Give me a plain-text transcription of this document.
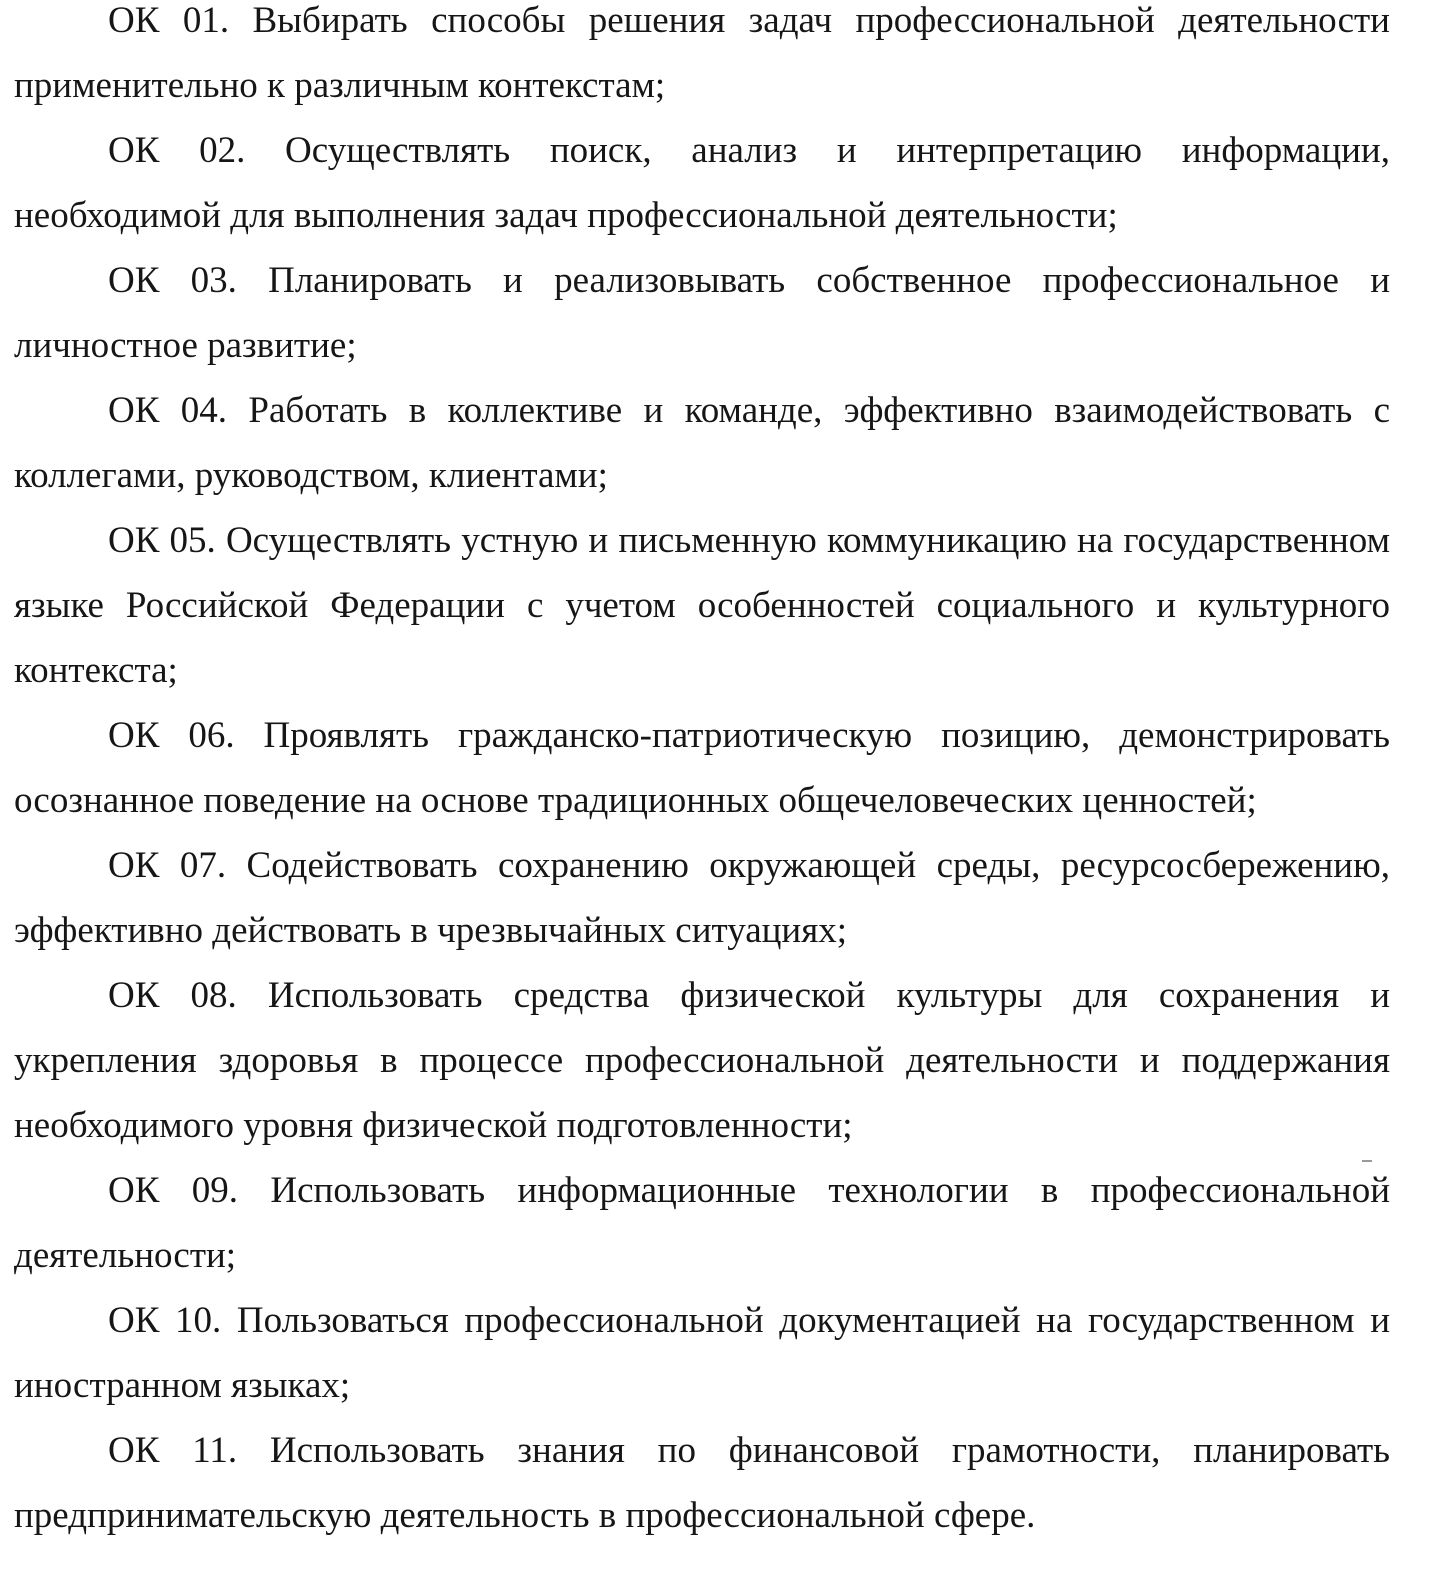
ОК 01. Выбирать способы решения задач профессиональной деятельности применительно к различным контекстам;

ОК 02. Осуществлять поиск, анализ и интерпретацию информации, необходимой для выполнения задач профессиональной деятельности;

ОК 03. Планировать и реализовывать собственное профессиональное и личностное развитие;

ОК 04. Работать в коллективе и команде, эффективно взаимодействовать с коллегами, руководством, клиентами;

ОК 05. Осуществлять устную и письменную коммуникацию на государственном языке Российской Федерации с учетом особенностей социального и культурного контекста;

ОК 06. Проявлять гражданско-патриотическую позицию, демонстрировать осознанное поведение на основе традиционных общечеловеческих ценностей;

ОК 07. Содействовать сохранению окружающей среды, ресурсосбережению, эффективно действовать в чрезвычайных ситуациях;

ОК 08. Использовать средства физической культуры для сохранения и укрепления здоровья в процессе профессиональной деятельности и поддержания необходимого уровня физической подготовленности;

ОК 09. Использовать информационные технологии в профессиональной деятельности;

ОК 10. Пользоваться профессиональной документацией на государственном и иностранном языках;

ОК 11. Использовать знания по финансовой грамотности, планировать предпринимательскую деятельность в профессиональной сфере.
